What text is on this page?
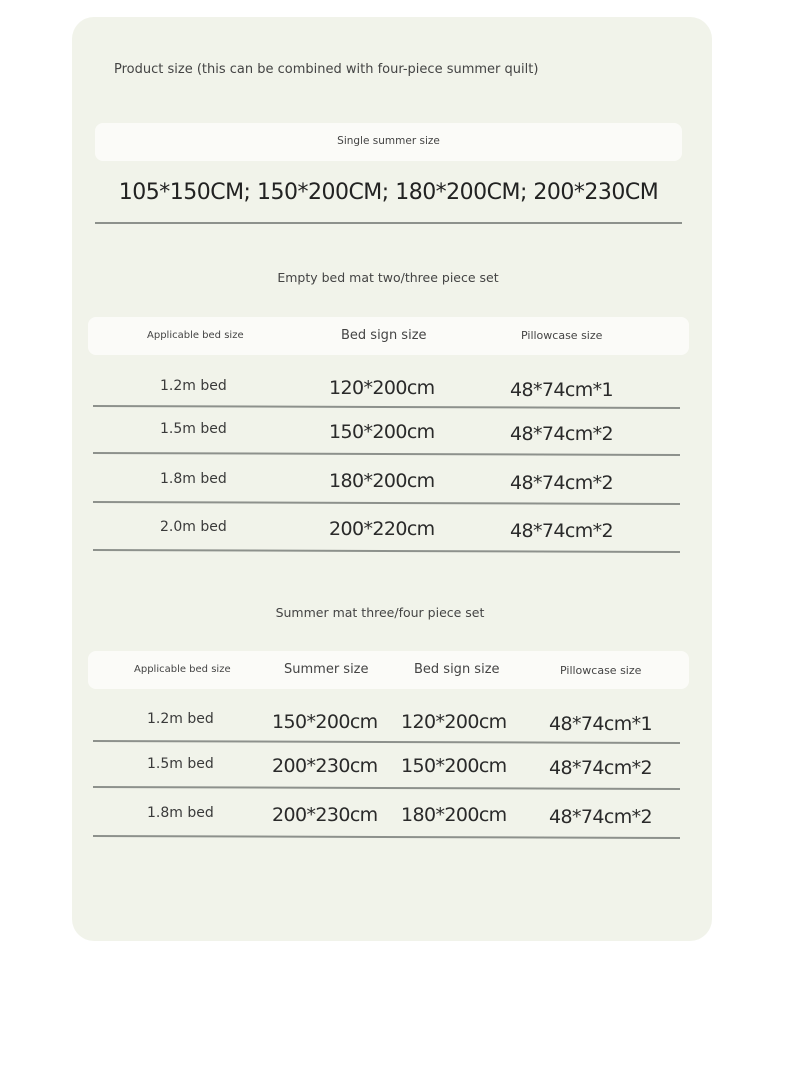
Product size (this can be combined with four-piece summer quilt)
Single summer size
105*150CM; 150*200CM; 180*200CM; 200*230CM
Empty bed mat two/three piece set
Applicable bed size	Bed sign size	Pillowcase size
1.2m bed	120*200cm	48*74cm*1
1.5m bed	150*200cm	48*74cm*2
1.8m bed	180*200cm	48*74cm*2
2.0m bed	200*220cm	48*74cm*2
Summer mat three/four piece set
Applicable bed size	Summer size	Bed sign size	Pillowcase size
1.2m bed	150*200cm 120*200cm 48*74cm*1
1.5m bed	200*230cm 150*200cm 48*74cm*2
1.8m bed	200*230cm 180*200cm 48*74cm*2
